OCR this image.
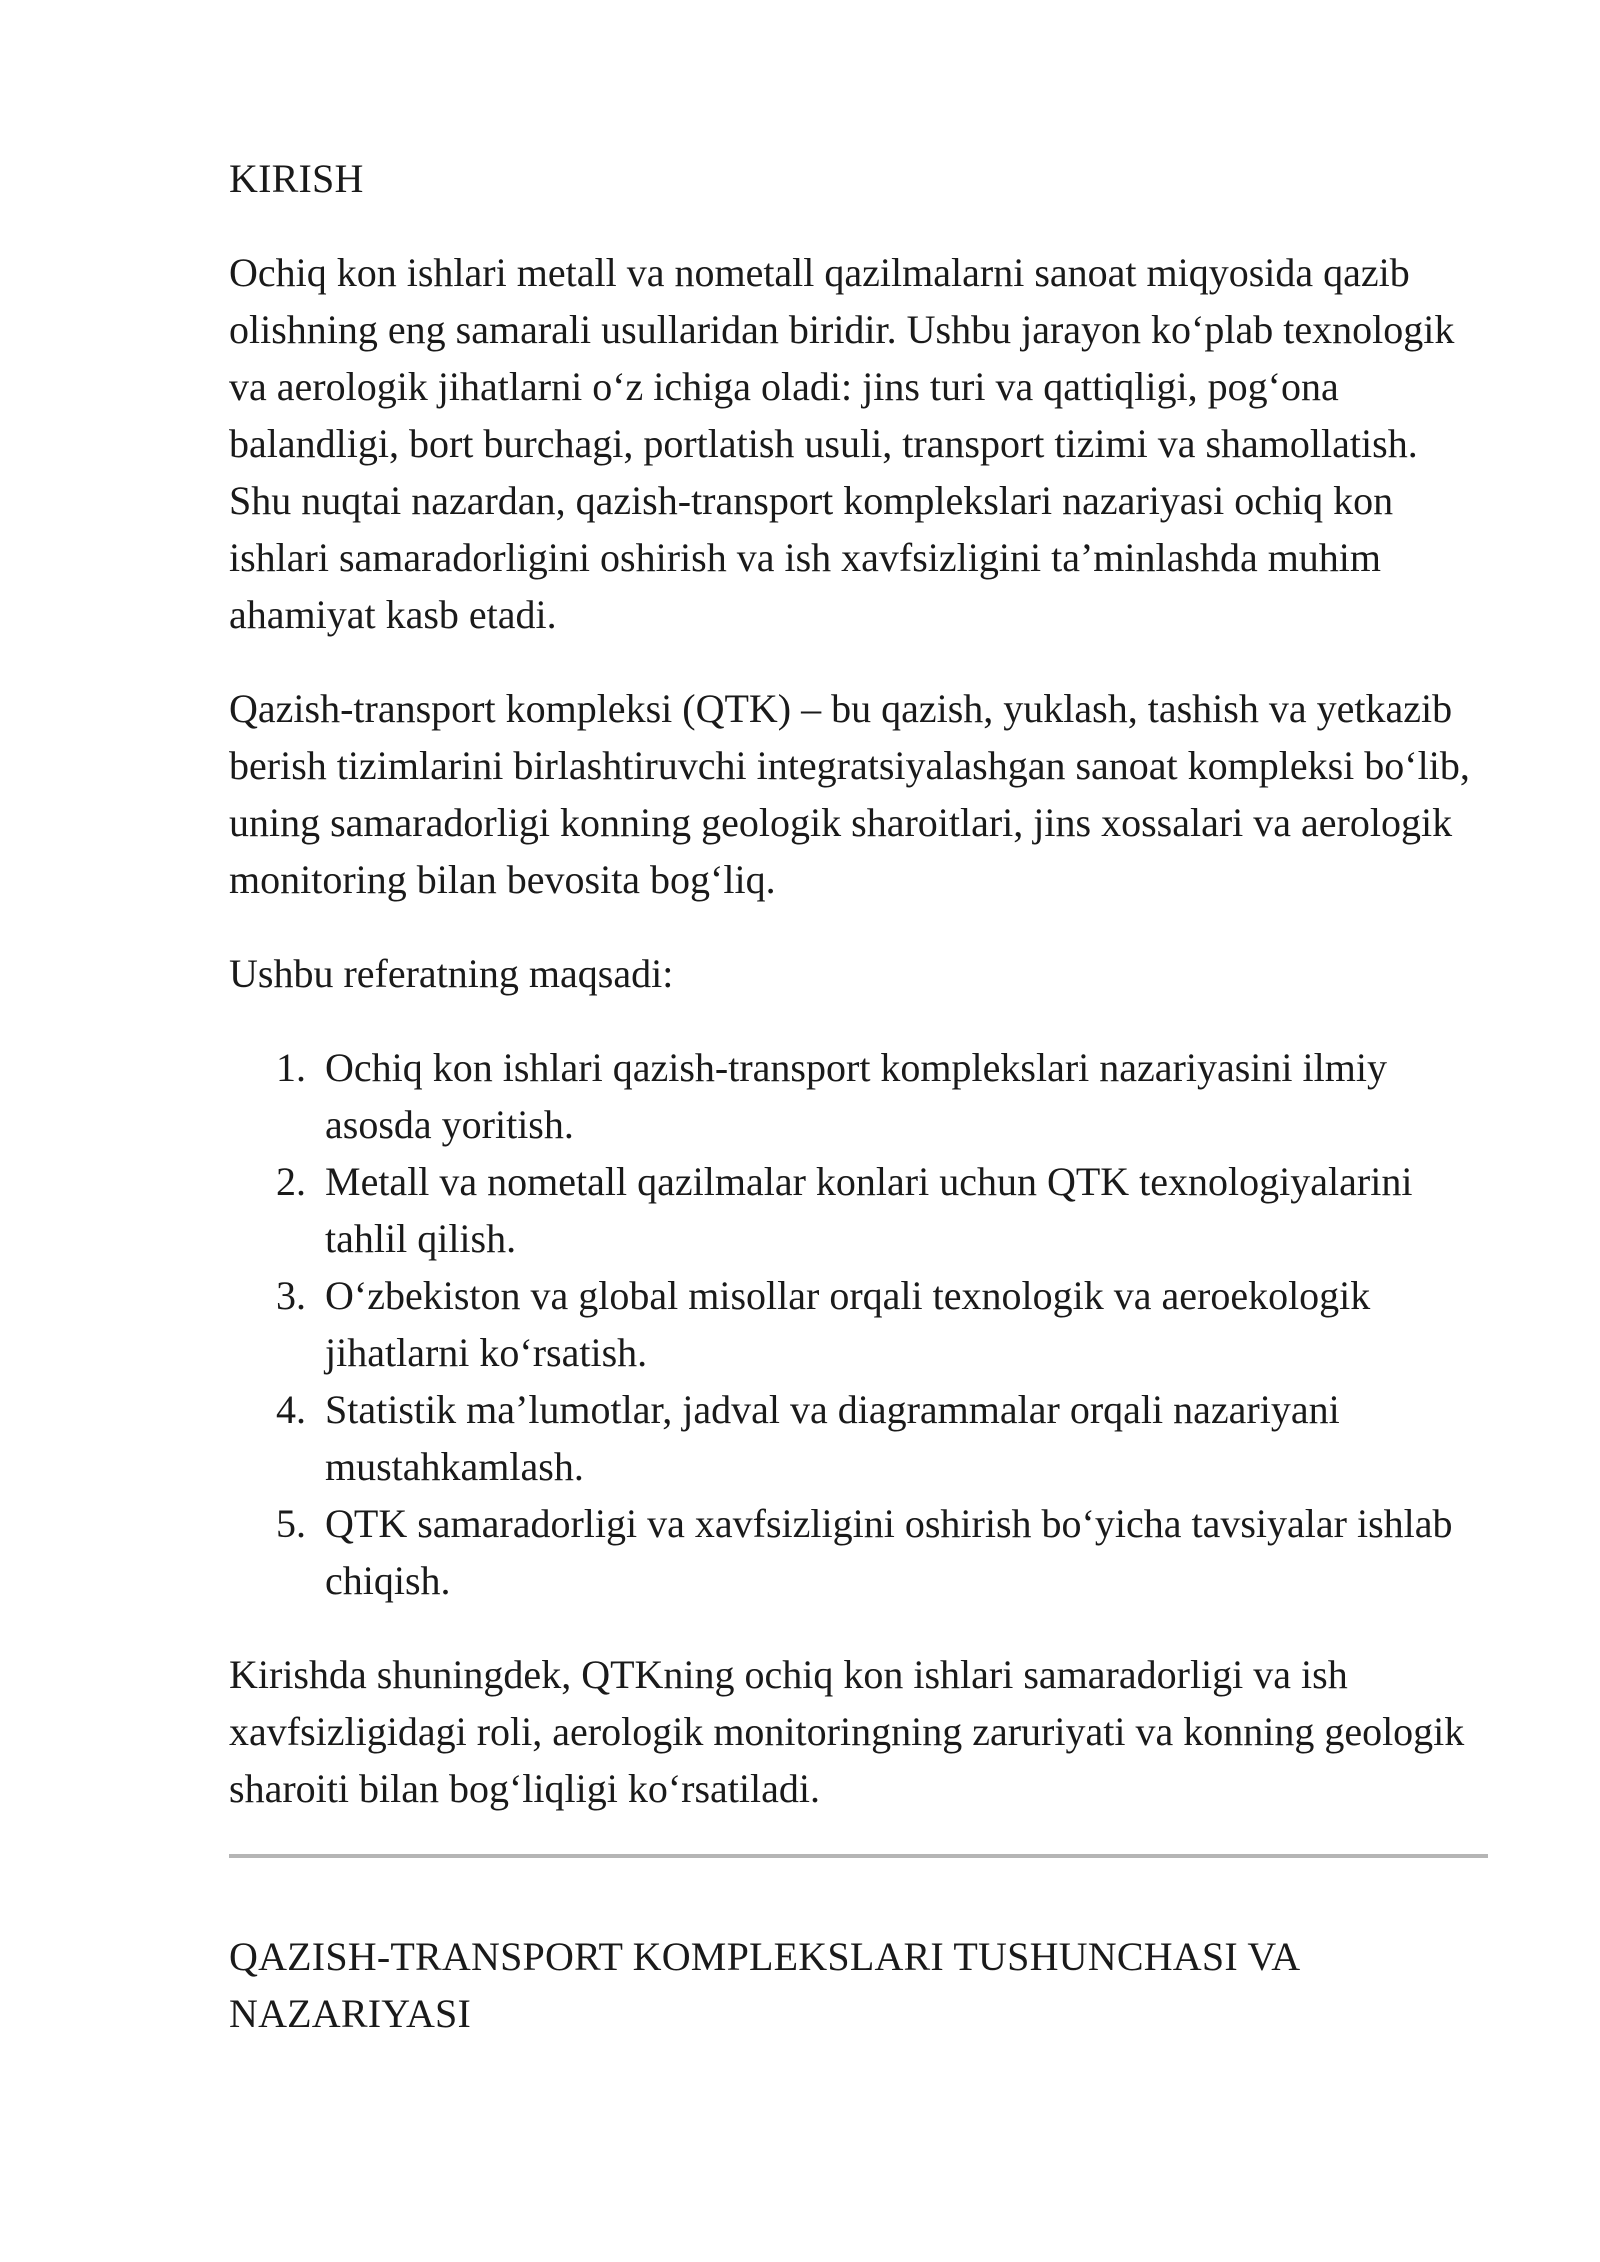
KIRISH

Ochiq kon ishlari metall va nometall qazilmalarni sanoat miqyosida qazib olishning eng samarali usullaridan biridir. Ushbu jarayon ko‘plab texnologik va aerologik jihatlarni o‘z ichiga oladi: jins turi va qattiqligi, pog‘ona balandligi, bort burchagi, portlatish usuli, transport tizimi va shamollatish. Shu nuqtai nazardan, qazish-transport komplekslari nazariyasi ochiq kon ishlari samaradorligini oshirish va ish xavfsizligini ta’minlashda muhim ahamiyat kasb etadi.

Qazish-transport kompleksi (QTK) – bu qazish, yuklash, tashish va yetkazib berish tizimlarini birlashtiruvchi integratsiyalashgan sanoat kompleksi bo‘lib, uning samaradorligi konning geologik sharoitlari, jins xossalari va aerologik monitoring bilan bevosita bog‘liq.

Ushbu referatning maqsadi:

1. Ochiq kon ishlari qazish-transport komplekslari nazariyasini ilmiy asosda yoritish.
2. Metall va nometall qazilmalar konlari uchun QTK texnologiyalarini tahlil qilish.
3. O‘zbekiston va global misollar orqali texnologik va aeroekologik jihatlarni ko‘rsatish.
4. Statistik ma’lumotlar, jadval va diagrammalar orqali nazariyani mustahkamlash.
5. QTK samaradorligi va xavfsizligini oshirish bo‘yicha tavsiyalar ishlab chiqish.

Kirishda shuningdek, QTKning ochiq kon ishlari samaradorligi va ish xavfsizligidagi roli, aerologik monitoringning zaruriyati va konning geologik sharoiti bilan bog‘liqligi ko‘rsatiladi.

QAZISH-TRANSPORT KOMPLEKSLARI TUSHUNCHASI VA NAZARIYASI
